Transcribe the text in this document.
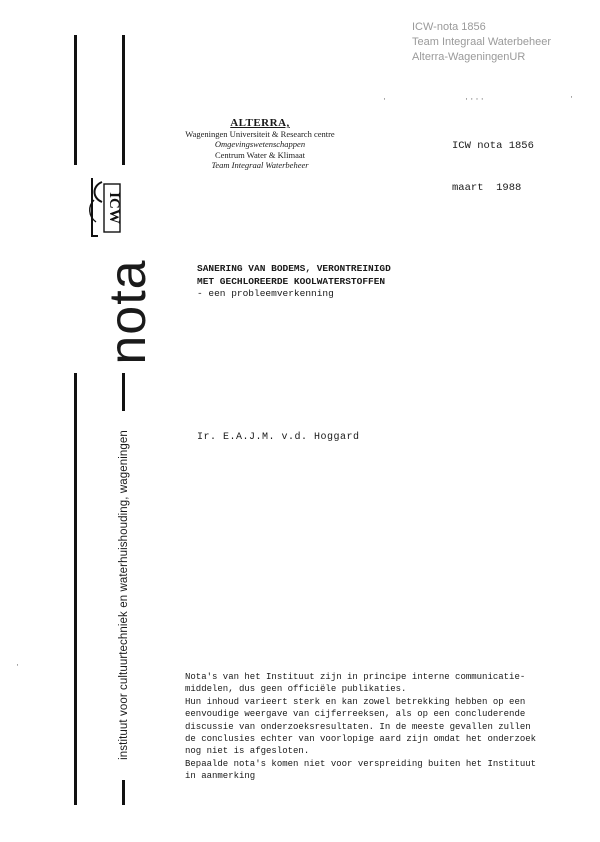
ICW-nota 1856
Team Integraal Waterbeheer
Alterra-WageningenUR
·	· · · ·	·
·
ICW
nota
instituut voor cultuurtechniek en waterhuishouding, wageningen
ALTERRA,
Wageningen Universiteit & Research centre
Omgevingswetenschappen
Centrum Water & Klimaat
Team Integraal Waterbeheer

ICW nota 1856

maart  1988

SANERING VAN BODEMS, VERONTREINIGD
MET GECHLOREERDE KOOLWATERSTOFFEN
- een probleemverkenning
Ir. E.A.J.M. v.d. Hoggard
Nota's van het Instituut zijn in principe interne communicatie-
middelen, dus geen officiële publikaties.
Hun inhoud varieert sterk en kan zowel betrekking hebben op een
eenvoudige weergave van cijferreeksen, als op een concluderende
discussie van onderzoeksresultaten. In de meeste gevallen zullen
de conclusies echter van voorlopige aard zijn omdat het onderzoek
nog niet is afgesloten.
Bepaalde nota's komen niet voor verspreiding buiten het Instituut
in aanmerking
